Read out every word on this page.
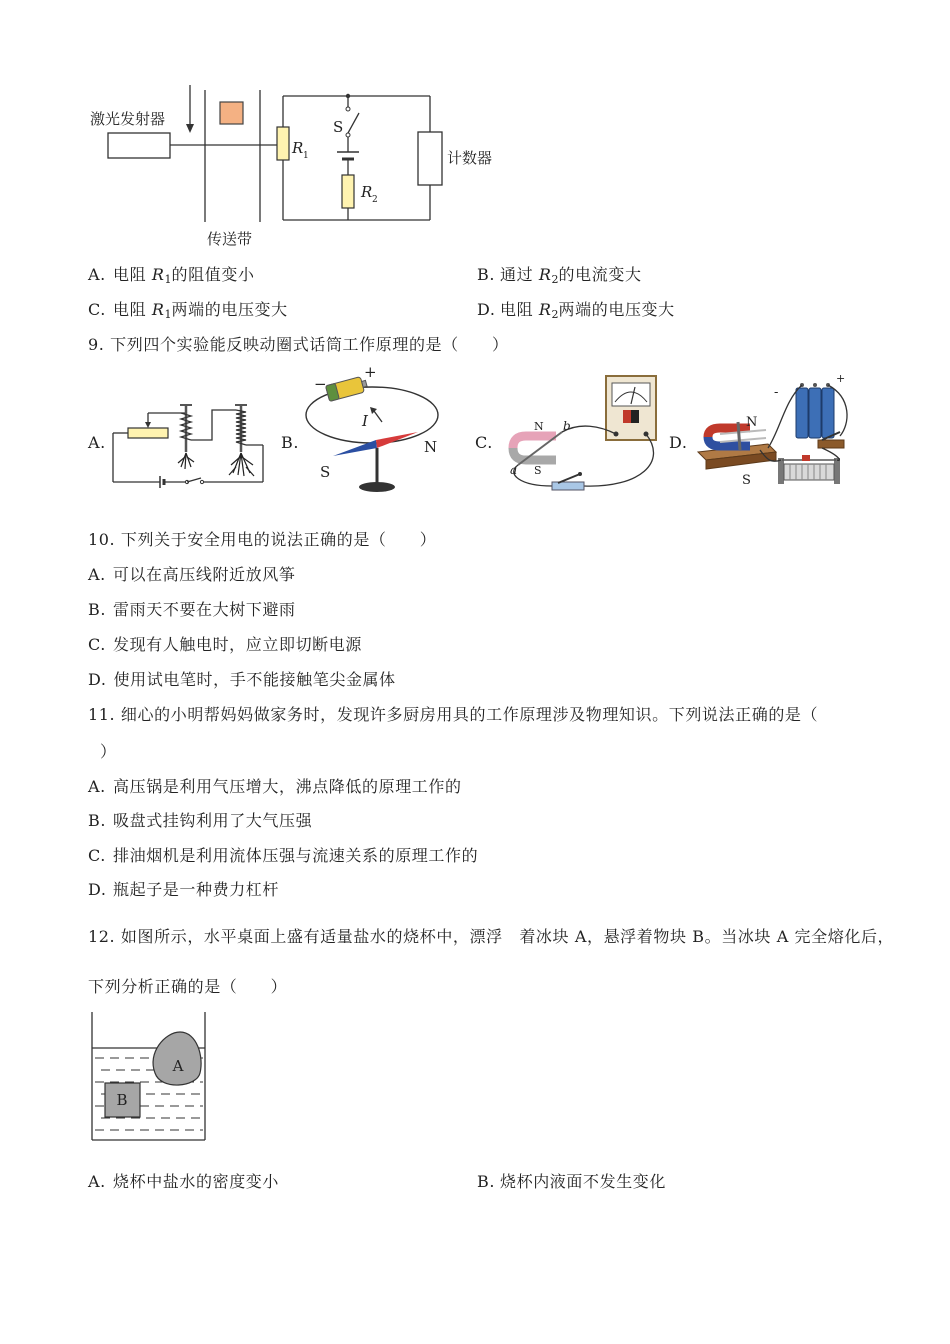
激光发射器
R 1
S
R 2
计数器
传送带
A. 电阻 $R_1$的阻值变小	B. 通过 $R_2$的电流变大
C. 电阻 $R_1$两端的电压变大	D. 电阻 $R_2$两端的电压变大
9. 下列四个实验能反映动圈式话筒工作原理的是（　　）
A.	B.	C.	D.
−
+
I
N
S
N b
a S
-
+
N
S
10. 下列关于安全用电的说法正确的是（　　）
A. 可以在高压线附近放风筝
B. 雷雨天不要在大树下避雨
C. 发现有人触电时，应立即切断电源
D. 使用试电笔时，手不能接触笔尖金属体
11. 细心的小明帮妈妈做家务时，发现许多厨房用具的工作原理涉及物理知识。下列说法正确的是（
）
A. 高压锅是利用气压增大，沸点降低的原理工作的
B. 吸盘式挂钩利用了大气压强
C. 排油烟机是利用流体压强与流速关系的原理工作的
D. 瓶起子是一种费力杠杆
12. 如图所示，水平桌面上盛有适量盐水的烧杯中，漂浮　着冰块 A，悬浮着物块 B。当冰块 A 完全熔化后，
下列分析正确的是（　　）
A
B
A. 烧杯中盐水的密度变小	B. 烧杯内液面不发生变化
